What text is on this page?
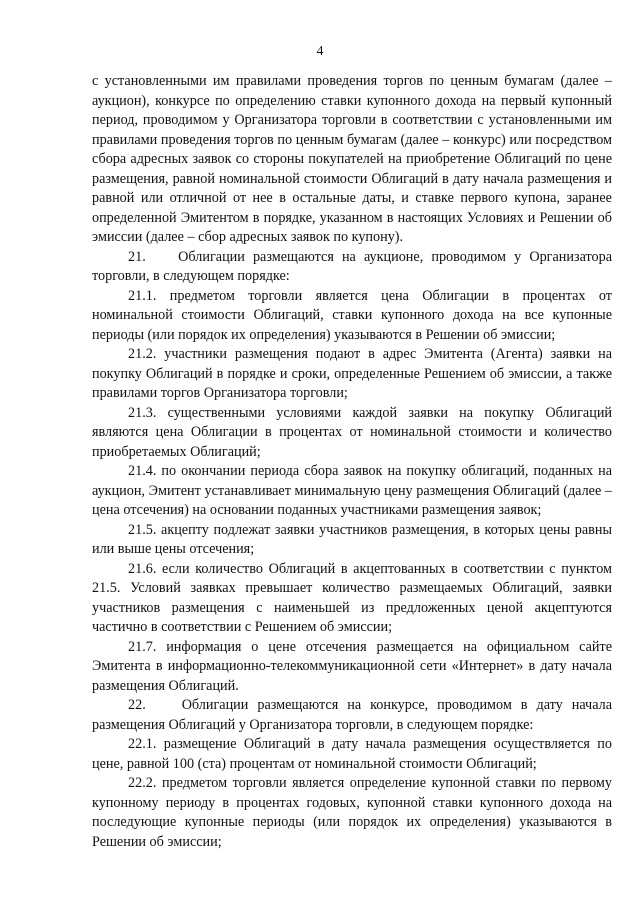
4

с установленными им правилами проведения торгов по ценным бумагам (далее – аукцион), конкурсе по определению ставки купонного дохода на первый купонный период, проводимом у Организатора торговли в соответствии с установленными им правилами проведения торгов по ценным бумагам (далее – конкурс) или посредством сбора адресных заявок со стороны покупателей на приобретение Облигаций по цене размещения, равной номинальной стоимости Облигаций в дату начала размещения и равной или отличной от нее в остальные даты, и ставке первого купона, заранее определенной Эмитентом в порядке, указанном в настоящих Условиях и Решении об эмиссии (далее – сбор адресных заявок по купону).

21.    Облигации размещаются на аукционе, проводимом у Организатора торговли, в следующем порядке:

21.1. предметом торговли является цена Облигации в процентах от номинальной стоимости Облигаций, ставки купонного дохода на все купонные периоды (или порядок их определения) указываются в Решении об эмиссии;

21.2. участники размещения подают в адрес Эмитента (Агента) заявки на покупку Облигаций в порядке и сроки, определенные Решением об эмиссии, а также правилами торгов Организатора торговли;

21.3. существенными условиями каждой заявки на покупку Облигаций являются цена Облигации в процентах от номинальной стоимости и количество приобретаемых Облигаций;

21.4. по окончании периода сбора заявок на покупку облигаций, поданных на аукцион, Эмитент устанавливает минимальную цену размещения Облигаций (далее – цена отсечения) на основании поданных участниками размещения заявок;

21.5. акцепту подлежат заявки участников размещения, в которых цены равны или выше цены отсечения;

21.6. если количество Облигаций в акцептованных в соответствии с пунктом 21.5. Условий заявках превышает количество размещаемых Облигаций, заявки участников размещения с наименьшей из предложенных ценой акцептуются частично в соответствии с Решением об эмиссии;

21.7. информация о цене отсечения размещается на официальном сайте Эмитента в информационно-телекоммуникационной сети «Интернет» в дату начала размещения Облигаций.

22.    Облигации размещаются на конкурсе, проводимом в дату начала размещения Облигаций у Организатора торговли, в следующем порядке:

22.1. размещение Облигаций в дату начала размещения осуществляется по цене, равной 100 (ста) процентам от номинальной стоимости Облигаций;

22.2. предметом торговли является определение купонной ставки по первому купонному периоду в процентах годовых, купонной ставки купонного дохода на последующие купонные периоды (или порядок их определения) указываются в Решении об эмиссии;
